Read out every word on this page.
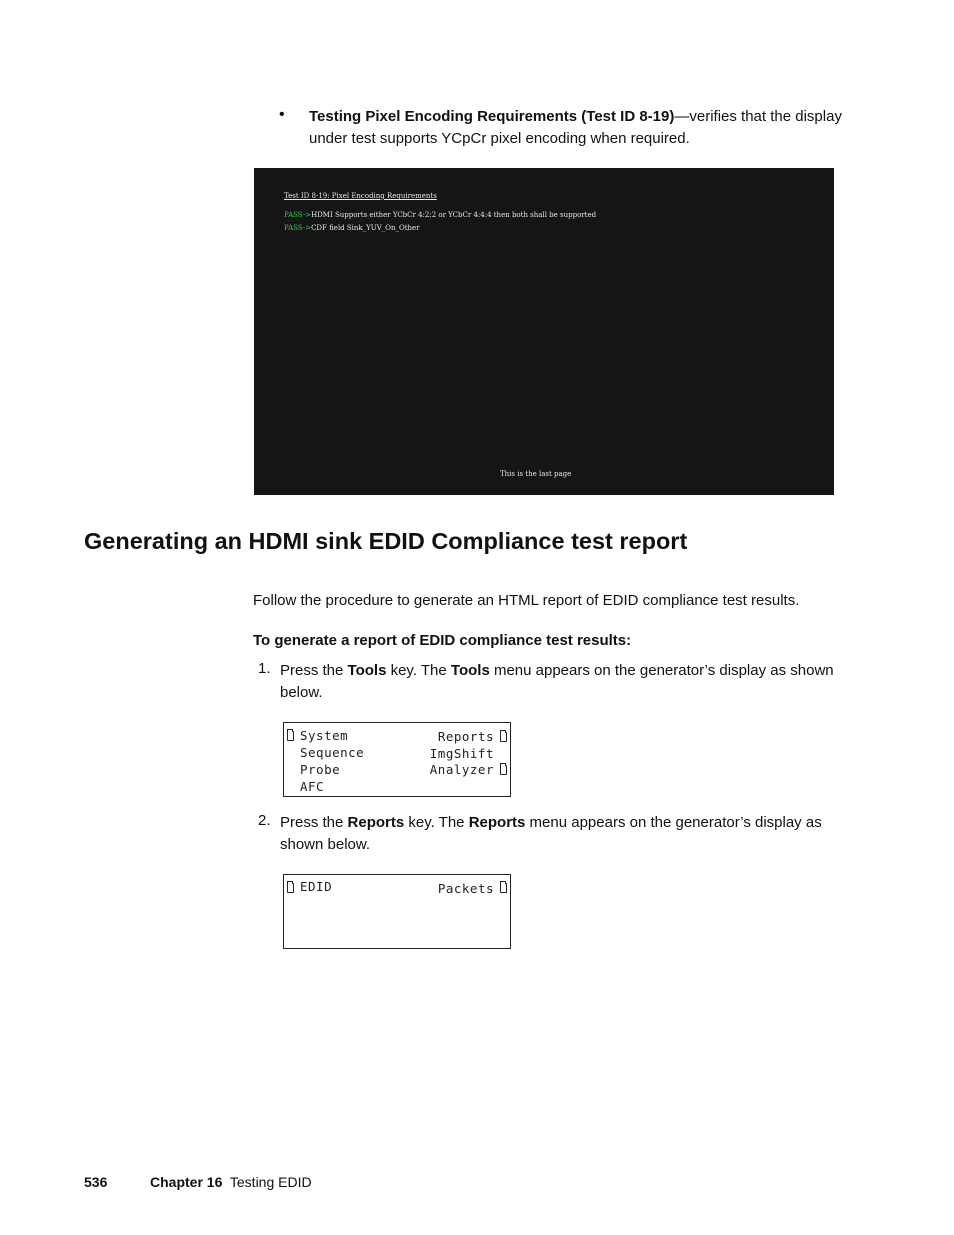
• Testing Pixel Encoding Requirements (Test ID 8-19)—verifies that the display under test supports YCpCr pixel encoding when required.
Test ID 8-19: Pixel Encoding Requirements
PASS->HDMI Supports either YCbCr 4:2:2 or YCbCr 4:4:4 then both shall be supported
PASS->CDF field Sink_YUV_On_Other
This is the last page
Generating an HDMI sink EDID Compliance test report
Follow the procedure to generate an HTML report of EDID compliance test results.
To generate a report of EDID compliance test results:
1. Press the Tools key. The Tools menu appears on the generator’s display as shown below.
System
Sequence
Probe
AFC
Reports
ImgShift
Analyzer
2. Press the Reports key. The Reports menu appears on the generator’s display as shown below.
EDID	Packets
536	Chapter 16 Testing EDID
